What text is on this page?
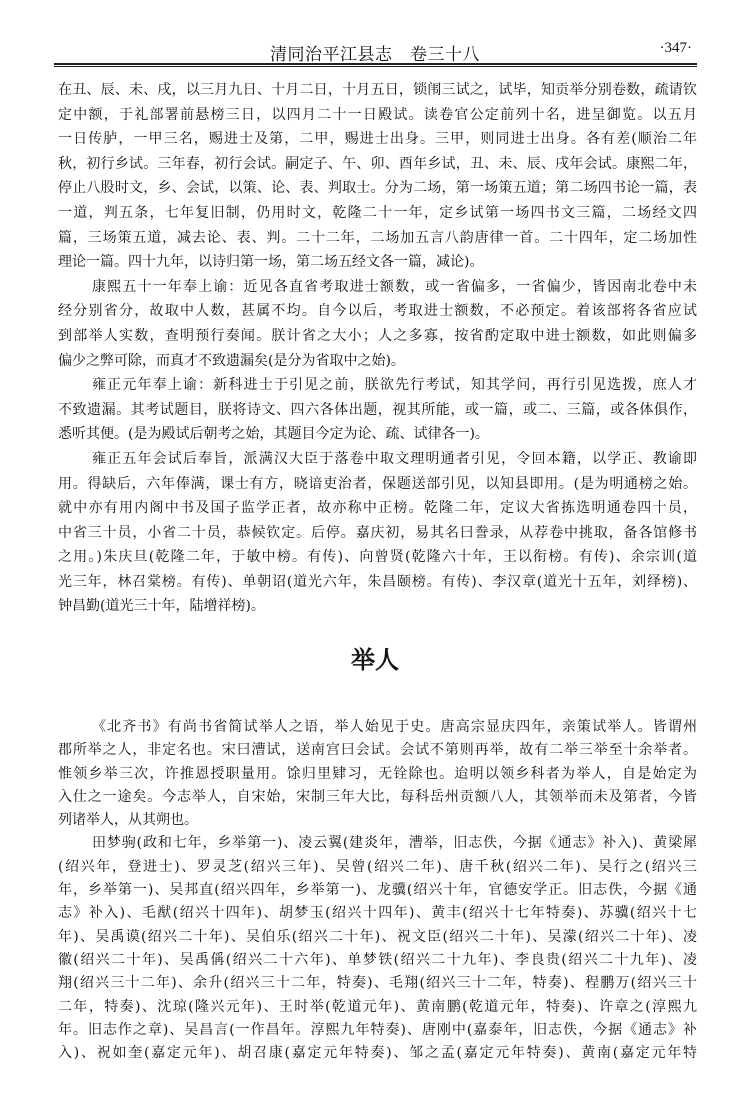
清同治平江县志　卷三十八	·347·
在丑、辰、未、戌，以三月九日、十月二日，十月五日，锁闱三试之，试毕，知贡举分别卷数，疏请钦
定中额，于礼部署前悬榜三日，以四月二十一日殿试。读卷官公定前列十名，进呈御览。以五月
一日传胪，一甲三名，赐进士及第，二甲，赐进士出身。三甲，则同进士出身。各有差(顺治二年
秋，初行乡试。三年春，初行会试。嗣定子、午、卯、酉年乡试，丑、未、辰、戌年会试。康熙二年，
停止八股时文，乡、会试，以策、论、表、判取士。分为二场，第一场策五道；第二场四书论一篇，表
一道，判五条，七年复旧制，仍用时文，乾隆二十一年，定乡试第一场四书文三篇，二场经文四
篇，三场策五道，减去论、表、判。二十二年，二场加五言八韵唐律一首。二十四年，定二场加性
理论一篇。四十九年，以诗归第一场，第二场五经文各一篇，减论)。
康熙五十一年奉上谕：近见各直省考取进士额数，或一省偏多，一省偏少，皆因南北卷中未
经分别省分，故取中人数，甚属不均。自今以后，考取进士额数，不必预定。着该部将各省应试
到部举人实数，查明预行奏闻。朕计省之大小；人之多寡，按省酌定取中进士额数，如此则偏多
偏少之弊可除，而真才不致遗漏矣(是分为省取中之始)。
雍正元年奉上谕：新科进士于引见之前，朕欲先行考试，知其学问，再行引见选拨，庶人才
不致遗漏。其考试题目，朕将诗文、四六各体出题，视其所能，或一篇，或二、三篇，或各体俱作，
悉听其便。(是为殿试后朝考之始，其题目今定为论、疏、试律各一)。
雍正五年会试后奉旨，派满汉大臣于落卷中取文理明通者引见，令回本籍，以学正、教谕即
用。得缺后，六年俸满，课士有方，晓谙吏治者，保题送部引见，以知县即用。(是为明通榜之始。
就中亦有用内阁中书及国子监学正者，故亦称中正榜。乾隆二年，定议大省拣选明通卷四十员，
中省三十员，小省二十员，恭候钦定。后停。嘉庆初，易其名曰誊录，从荐卷中挑取，备各馆修书
之用。)朱庆旦(乾隆二年，于敏中榜。有传)、向曾贤(乾隆六十年，王以衔榜。有传)、余宗训(道
光三年，林召棠榜。有传)、单朝诏(道光六年，朱昌颐榜。有传)、李汉章(道光十五年，刘绎榜)、
钟昌勤(道光三十年，陆增祥榜)。
举人
《北齐书》有尚书省简试举人之语，举人始见于史。唐高宗显庆四年，亲策试举人。皆谓州
郡所举之人，非定名也。宋曰漕试，送南宫曰会试。会试不第则再举，故有二举三举至十余举者。
惟领乡举三次，许推恩授职量用。馀归里肄习，无铨除也。迨明以领乡科者为举人，自是始定为
入仕之一途矣。今志举人，自宋始，宋制三年大比，每科岳州贡额八人，其领举而未及第者，今皆
列诸举人，从其朔也。
田梦驹(政和七年，乡举第一)、凌云翼(建炎年，漕举，旧志佚，今据《通志》补入)、黄梁犀
(绍兴年，登进士)、罗灵芝(绍兴三年)、吴曾(绍兴二年)、唐千秋(绍兴二年)、吴行之(绍兴三
年，乡举第一)、吴邦直(绍兴四年，乡举第一)、龙骥(绍兴十年，官德安学正。旧志佚，今据《通
志》补入)、毛猷(绍兴十四年)、胡梦玉(绍兴十四年)、黄丰(绍兴十七年特奏)、苏骥(绍兴十七
年)、吴禹谟(绍兴二十年)、吴伯乐(绍兴二十年)、祝文臣(绍兴二十年)、吴濛(绍兴二十年)、凌
徽(绍兴二十年)、吴禹偁(绍兴二十六年)、单梦铁(绍兴二十九年)、李良贵(绍兴二十九年)、凌
翔(绍兴三十二年)、余升(绍兴三十二年，特奏)、毛翔(绍兴三十二年，特奏)、程鹏万(绍兴三十
二年，特奏)、沈琼(隆兴元年)、王时举(乾道元年)、黄南鹏(乾道元年，特奏)、许章之(淳熙九
年。旧志作之章)、吴昌言(一作昌年。淳熙九年特奏)、唐刚中(嘉泰年，旧志佚，今据《通志》补
入)、祝如奎(嘉定元年)、胡召康(嘉定元年特奏)、邹之孟(嘉定元年特奏)、黄南(嘉定元年特
